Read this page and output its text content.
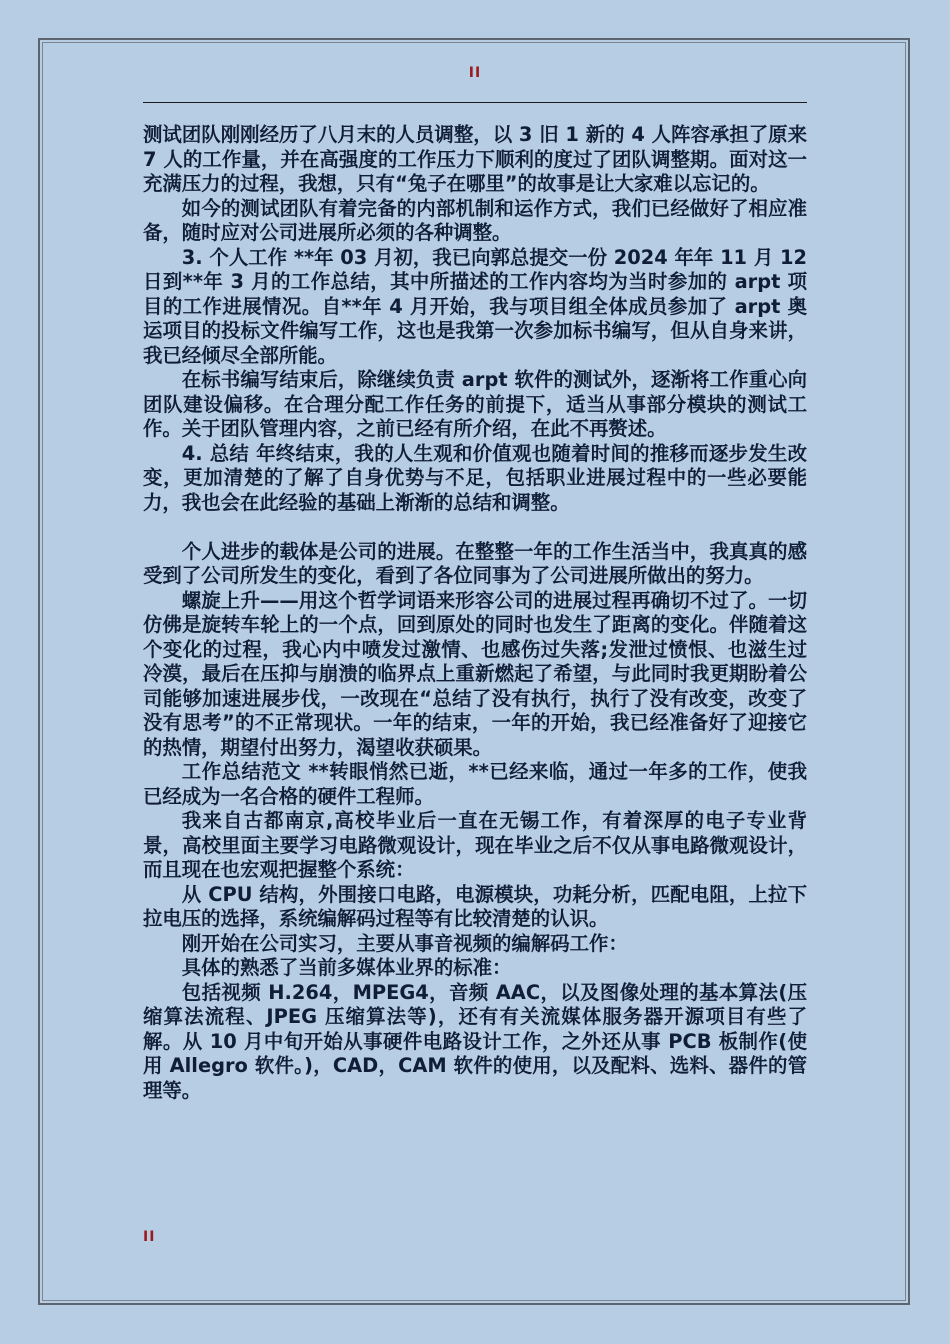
II

测试团队刚刚经历了八月末的人员调整，以 3 旧 1 新的 4 人阵容承担了原来 7 人的工作量，并在高强度的工作压力下顺利的度过了团队调整期。面对这一充满压力的过程，我想，只有“兔子在哪里”的故事是让大家难以忘记的。

如今的测试团队有着完备的内部机制和运作方式，我们已经做好了相应准备，随时应对公司进展所必须的各种调整。

3. 个人工作 **年 03 月初，我已向郭总提交一份 2024 年年 11 月 12 日到**年 3 月的工作总结，其中所描述的工作内容均为当时参加的 arpt 项目的工作进展情况。自**年 4 月开始，我与项目组全体成员参加了 arpt 奥运项目的投标文件编写工作，这也是我第一次参加标书编写，但从自身来讲，我已经倾尽全部所能。

在标书编写结束后，除继续负责 arpt 软件的测试外，逐渐将工作重心向团队建设偏移。在合理分配工作任务的前提下，适当从事部分模块的测试工作。关于团队管理内容，之前已经有所介绍，在此不再赘述。

4. 总结 年终结束，我的人生观和价值观也随着时间的推移而逐步发生改变，更加清楚的了解了自身优势与不足，包括职业进展过程中的一些必要能力，我也会在此经验的基础上渐渐的总结和调整。

个人进步的载体是公司的进展。在整整一年的工作生活当中，我真真的感受到了公司所发生的变化，看到了各位同事为了公司进展所做出的努力。

螺旋上升——用这个哲学词语来形容公司的进展过程再确切不过了。一切仿佛是旋转车轮上的一个点，回到原处的同时也发生了距离的变化。伴随着这个变化的过程，我心内中喷发过激情、也感伤过失落;发泄过愤恨、也滋生过冷漠，最后在压抑与崩溃的临界点上重新燃起了希望，与此同时我更期盼着公司能够加速进展步伐，一改现在“总结了没有执行，执行了没有改变，改变了没有思考”的不正常现状。一年的结束，一年的开始，我已经准备好了迎接它的热情，期望付出努力，渴望收获硕果。

工作总结范文 **转眼悄然已逝，**已经来临，通过一年多的工作，使我已经成为一名合格的硬件工程师。

我来自古都南京,高校毕业后一直在无锡工作，有着深厚的电子专业背景，高校里面主要学习电路微观设计，现在毕业之后不仅从事电路微观设计，而且现在也宏观把握整个系统：

从 CPU 结构，外围接口电路，电源模块，功耗分析，匹配电阻，上拉下拉电压的选择，系统编解码过程等有比较清楚的认识。

刚开始在公司实习，主要从事音视频的编解码工作：

具体的熟悉了当前多媒体业界的标准：

包括视频 H.264，MPEG4，音频 AAC，以及图像处理的基本算法(压缩算法流程、JPEG 压缩算法等)，还有有关流媒体服务器开源项目有些了解。从 10 月中旬开始从事硬件电路设计工作，之外还从事 PCB 板制作(使用 Allegro 软件。)，CAD，CAM 软件的使用，以及配料、选料、器件的管理等。

II
